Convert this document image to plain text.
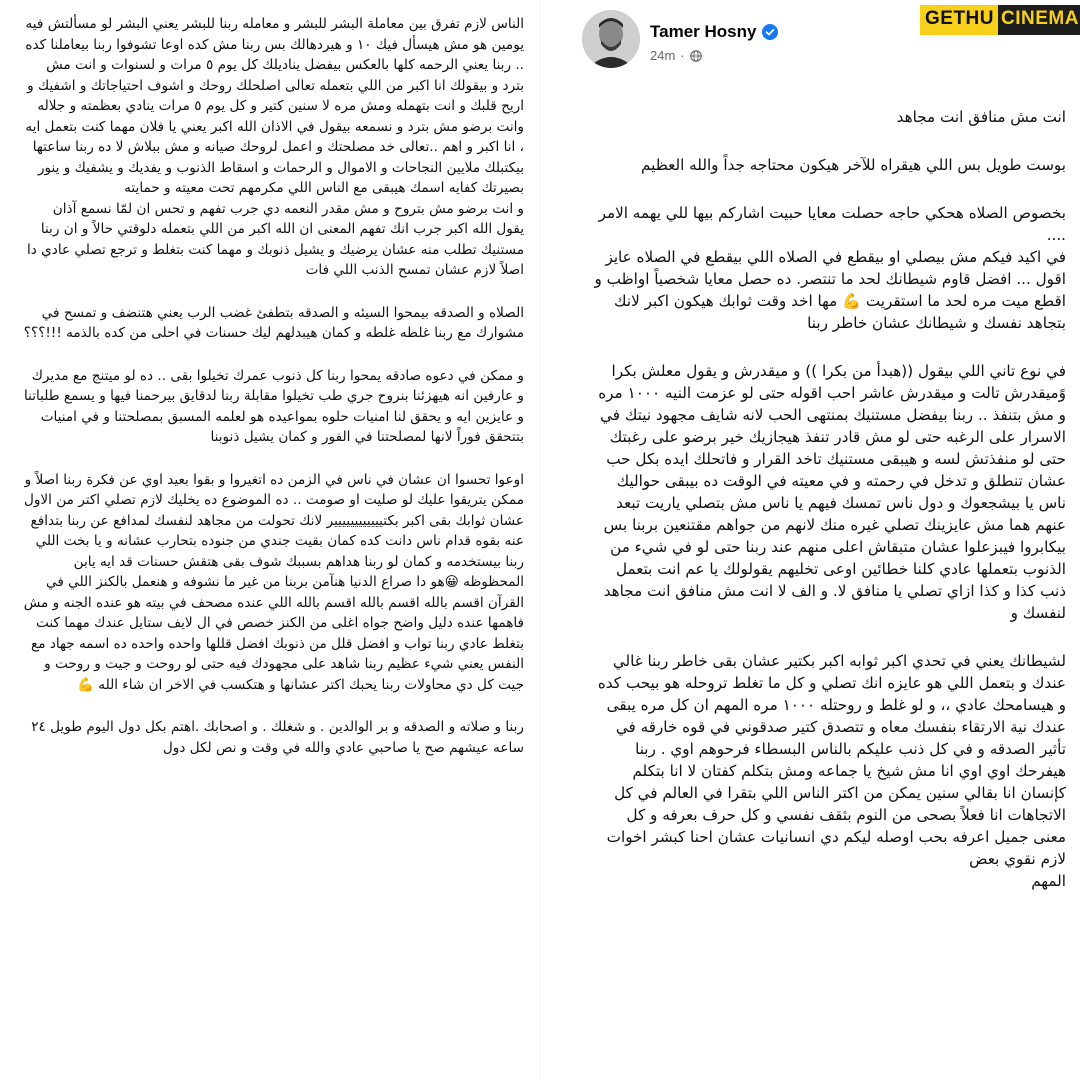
الناس لازم تفرق بين معاملة البشر للبشر و معامله ربنا للبشر يعني البشر لو مسألتش فيه يومين هو مش هيسأل فيك ١٠ و هيردهالك بس ربنا مش كده اوعا تشوفوا ربنا بيعاملنا كده .. ربنا يعني الرحمه كلها بالعكس بيفضل يناديلك كل يوم ٥ مرات و لسنوات و انت مش بترد و بيقولك انا اكبر من اللي بتعمله تعالى اصلحلك روحك و اشوف احتياجاتك و اشفيك و اريح قلبك و انت بتهمله ومش مره لا سنين كتير و كل يوم ٥ مرات ينادي بعظمته و جلاله وانت برضو مش بترد و نسمعه بيقول في الاذان الله اكبر يعني يا فلان مهما كنت بتعمل ايه ، انا اكبر و اهم ..تعالى خد مصلحتك و اعمل لروحك صيانه و مش ببلاش لا ده ربنا ساعتها بيكتبلك ملايين النجاحات و الاموال و الرحمات و اسقاط الذنوب و يفديك و يشفيك و ينور بصيرتك كفايه اسمك هيبقى مع الناس اللي مكرمهم تحت معيته و حمايته
و انت برضو مش بتروح و مش مقدر النعمه دي جرب تفهم و تحس ان لمّا نسمع آذان يقول الله اكبر جرب انك تفهم المعنى ان الله اكبر من اللي بتعمله دلوقتي حالاً و ان ربنا مستنيك تطلب منه عشان يرضيك و يشيل ذنوبك و مهما كنت بتغلط و ترجع تصلي عادي دا اصلاً لازم عشان تمسح الذنب اللي فات
الصلاه و الصدقه بيمحوا السيئه و الصدقه بتطفئ غضب الرب يعني هتنضف و تمسح في مشوارك مع ربنا غلطه غلطه و كمان هيبدلهم ليك حسنات في احلى من كده بالذمه !!!؟؟؟
و ممكن في دعوه صادقه يمحوا ربنا كل ذنوب عمرك تخيلوا بقى .. ده لو ميتنج مع مديرك و عارفين انه هيهزئنا بنروح جري طب تخيلوا مقابلة ربنا لدقايق بيرحمنا فيها و يسمع طلباتنا و عايزين ايه و يحقق لنا امنيات حلوه بمواعيده هو لعلمه المسبق بمصلحتنا و في امنيات بتتحقق فوراً لانها لمصلحتنا في الفور و كمان يشيل ذنوبنا
اوعوا تحسوا ان عشان في ناس في الزمن ده اتغيروا و بقوا بعيد اوي عن فكرة ربنا اصلاً و ممكن يتريقوا عليك لو صليت او صومت .. ده الموضوع ده يخليك لازم تصلي اكتر من الاول عشان ثوابك بقى اكبر بكتيييييييييييير لانك تحولت من مجاهد لنفسك لمدافع عن ربنا بتدافع عنه بقوه قدام ناس دانت كده كمان بقيت جندي من جنوده بتحارب عشانه و يا بخت اللي ربنا بيستخدمه و كمان لو ربنا هداهم بسببك شوف بقى هتقش حسنات قد ايه يابن المحظوظه 😀هو دا صراع الدنيا هنآمن بربنا من غير ما نشوفه و هنعمل بالكنز اللي في القرآن اقسم بالله اقسم بالله اقسم بالله اللي عنده مصحف في بيته هو عنده الجنه و مش فاهمها عنده دليل واضح جواه اغلى من الكنز خصص في ال لايف ستايل عندك مهما كنت بتغلط عادي ربنا تواب و افضل قلل من ذنوبك افضل قللها واحده واحده ده اسمه جهاد مع النفس يعني شيء عظيم ربنا شاهد على مجهودك فيه حتى لو روحت و جيت و روحت و جيت كل دي محاولات ربنا يحبك اكتر عشانها و هتكسب في الاخر ان شاء الله 💪
ربنا و صلاته و الصدقه و بر الوالدين . و شغلك . و اصحابك .اهتم بكل دول اليوم طويل ٢٤ ساعه عيشهم صح يا صاحبي عادي والله في وقت و نص لكل دول
Tamer Hosny
24m ·
انت مش منافق انت مجاهد
بوست طويل بس اللي هيقراه للآخر هيكون محتاجه جداً والله العظيم
بخصوص الصلاه هحكي حاجه حصلت معايا حبيت اشاركم بيها للي يهمه الامر ....
في اكيد فيكم مش بيصلي او بيقطع في الصلاه اللي بيقطع في الصلاه عايز اقول ... افضل قاوم شيطانك لحد ما تنتصر. ده حصل معايا شخصياً اواظب و اقطع ميت مره لحد ما استقريت 💪 مها اخد وقت ثوابك هيكون اكبر لانك بتجاهد نفسك و شيطانك عشان خاطر ربنا
في نوع تاني اللي بيقول ((هبدأ من بكرا )) و ميقدرش و يقول معلش بكرا وًميقدرش تالت و ميقدرش عاشر احب اقوله حتى لو عزمت النيه ١٠٠٠ مره و مش بتنفذ .. ربنا بيفضل مستنيك بمنتهى الحب لانه شايف مجهود نيتك في الاسرار على الرغبه حتى لو مش قادر تنفذ هيجازيك خير برضو على رغبتك حتى لو منفذتش لسه و هيبقى مستنيك تاخد القرار و فاتحلك ايده بكل حب عشان تنطلق و تدخل في رحمته و في معيته في الوقت ده بيبقى حواليك ناس يا بيشجعوك و دول ناس تمسك فيهم يا ناس مش بتصلي ياريت تبعد عنهم هما مش عايزينك تصلي غيره منك لانهم من جواهم مقتنعين بربنا بس بيكابروا فيبزعلوا عشان متبقاش اعلى منهم عند ربنا حتى لو في شيء من الذنوب بتعملها عادي كلنا خطائين اوعى تخليهم يقولولك يا عم انت بتعمل ذنب كذا و كذا ازاي تصلي يا منافق لا. و الف لا انت مش منافق انت مجاهد لنفسك و
لشيطانك يعني في تحدي اكبر ثوابه اكبر بكتير عشان بقى خاطر ربنا غالي عندك و بتعمل اللي هو عايزه انك تصلي و كل ما تغلط تروحله هو بيحب كده و هيسامحك عادي ،، و لو غلط و روحتله ١٠٠٠ مره المهم ان كل مره يبقى عندك نية الارتقاء بنفسك معاه و تتصدق كتير صدقوني في قوه خارقه في تأثير الصدقه و في كل ذنب عليكم بالناس البسطاء فرحوهم اوي . ربنا هيفرحك اوي اوي انا مش شيخ يا جماعه ومش بتكلم كفتان لا انا بتكلم كإنسان انا بقالي سنين يمكن من اكتر الناس اللي بتقرا في العالم في كل الاتجاهات انا فعلاً بصحى من النوم بثقف نفسي و كل حرف بعرفه و كل معنى جميل اعرفه بحب اوصله ليكم دي انسانيات عشان احنا كبشر اخوات لازم نقوي بعض
المهم
GETHU CINEMA
